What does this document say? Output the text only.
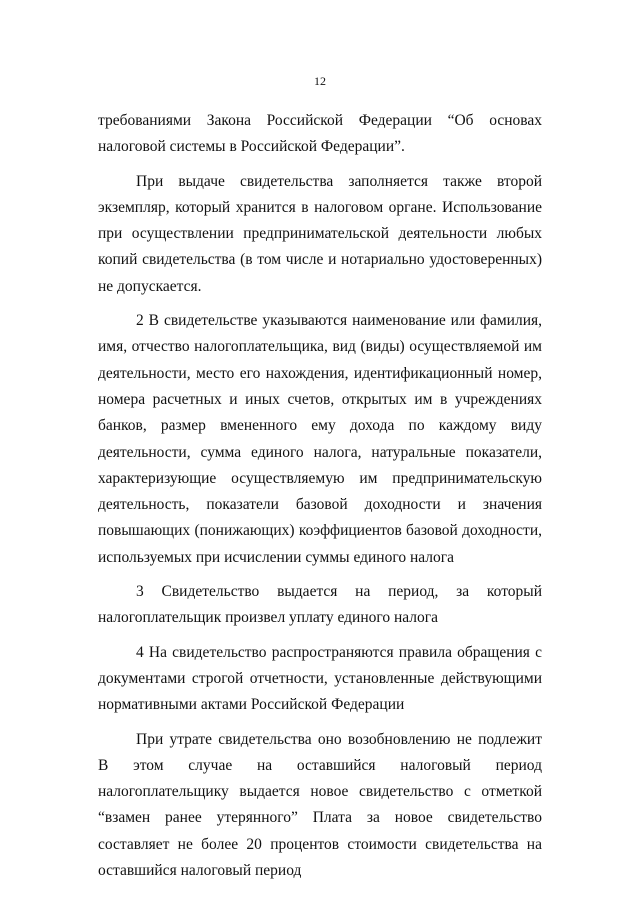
12

требованиями Закона Российской Федерации “Об основах налоговой системы в Российской Федерации”.

При выдаче свидетельства заполняется также второй экземпляр, который хранится в налоговом органе. Использование при осуществлении предпринимательской деятельности любых копий свидетельства (в том числе и нотариально удостоверенных) не допускается.

2 В свидетельстве указываются наименование или фамилия, имя, отчество налогоплательщика, вид (виды) осуществляемой им деятельности, место его нахождения, идентификационный номер, номера расчетных и иных счетов, открытых им в учреждениях банков, размер вмененного ему дохода по каждому виду деятельности, сумма единого налога, натуральные показатели, характеризующие осуществляемую им предпринимательскую деятельность, показатели базовой доходности и значения повышающих (понижающих) коэффициентов базовой доходности, используемых при исчислении суммы единого налога

3 Свидетельство выдается на период, за который налогоплательщик произвел уплату единого налога

4 На свидетельство распространяются правила обращения с документами строгой отчетности, установленные действующими нормативными актами Российской Федерации

При утрате свидетельства оно возобновлению не подлежит В этом случае на оставшийся налоговый период налогоплательщику выдается новое свидетельство с отметкой “взамен ранее утерянного” Плата за новое свидетельство составляет не более 20 процентов стоимости свидетельства на оставшийся налоговый период
